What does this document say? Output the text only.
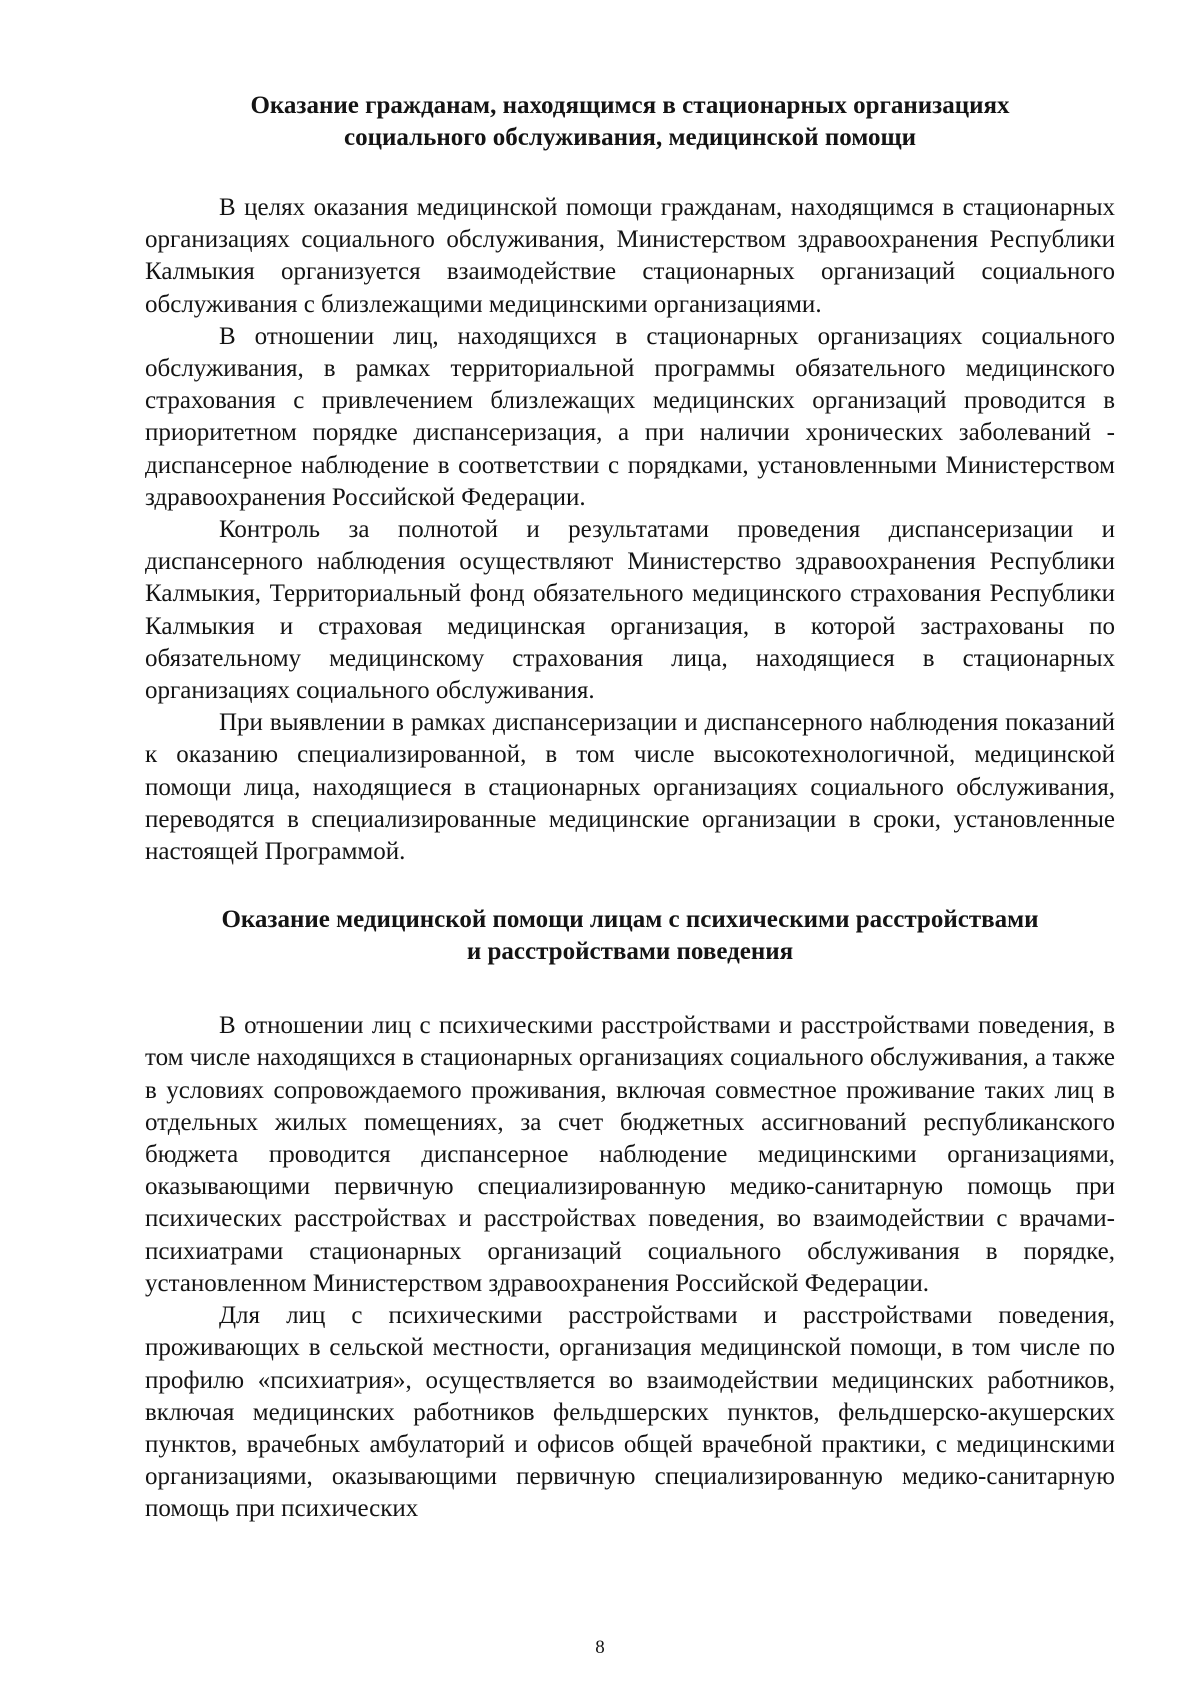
Оказание гражданам, находящимся в стационарных организациях
социального обслуживания, медицинской помощи

В целях оказания медицинской помощи гражданам, находящимся в стационарных организациях социального обслуживания, Министерством здравоохранения Республики Калмыкия организуется взаимодействие стационарных организаций социального обслуживания с близлежащими медицинскими организациями.

В отношении лиц, находящихся в стационарных организациях социального обслуживания, в рамках территориальной программы обязательного медицинского страхования с привлечением близлежащих медицинских организаций проводится в приоритетном порядке диспансеризация, а при наличии хронических заболеваний - диспансерное наблюдение в соответствии с порядками, установленными Министерством здравоохранения Российской Федерации.

Контроль за полнотой и результатами проведения диспансеризации и диспансерного наблюдения осуществляют Министерство здравоохранения Республики Калмыкия, Территориальный фонд обязательного медицинского страхования Республики Калмыкия и страховая медицинская организация, в которой застрахованы по обязательному медицинскому страхования лица, находящиеся в стационарных организациях социального обслуживания.

При выявлении в рамках диспансеризации и диспансерного наблюдения показаний к оказанию специализированной, в том числе высокотехнологичной, медицинской помощи лица, находящиеся в стационарных организациях социального обслуживания, переводятся в специализированные медицинские организации в сроки, установленные настоящей Программой.

Оказание медицинской помощи лицам с психическими расстройствами
и расстройствами поведения

В отношении лиц с психическими расстройствами и расстройствами поведения, в том числе находящихся в стационарных организациях социального обслуживания, а также в условиях сопровождаемого проживания, включая совместное проживание таких лиц в отдельных жилых помещениях, за счет бюджетных ассигнований республиканского бюджета проводится диспансерное наблюдение медицинскими организациями, оказывающими первичную специализированную медико-санитарную помощь при психических расстройствах и расстройствах поведения, во взаимодействии с врачами-психиатрами стационарных организаций социального обслуживания в порядке, установленном Министерством здравоохранения Российской Федерации.

Для лиц с психическими расстройствами и расстройствами поведения, проживающих в сельской местности, организация медицинской помощи, в том числе по профилю «психиатрия», осуществляется во взаимодействии медицинских работников, включая медицинских работников фельдшерских пунктов, фельдшерско-акушерских пунктов, врачебных амбулаторий и офисов общей врачебной практики, с медицинскими организациями, оказывающими первичную специализированную медико-санитарную помощь при психических

8
